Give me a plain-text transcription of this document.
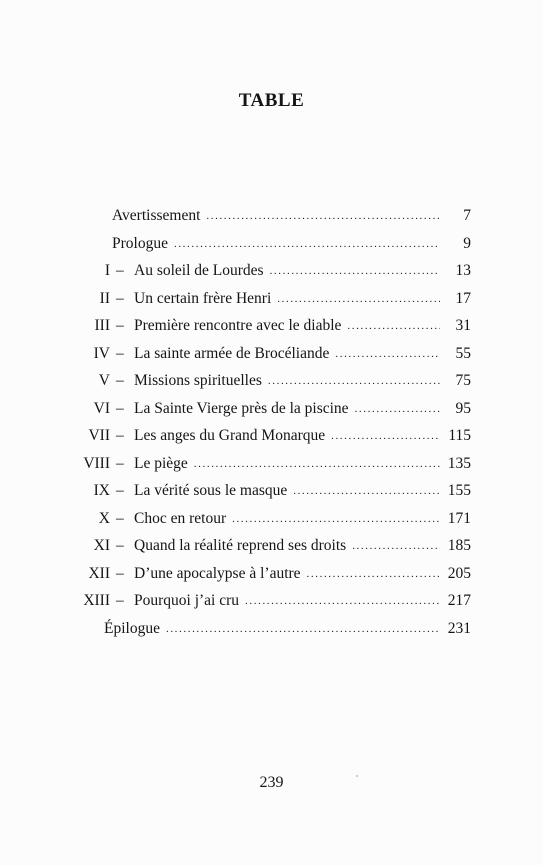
TABLE
Avertissement .....	7
Prologue .....	9
I – Au soleil de Lourdes .....	13
II – Un certain frère Henri .....	17
III – Première rencontre avec le diable .....	31
IV – La sainte armée de Brocéliande .....	55
V – Missions spirituelles .....	75
VI – La Sainte Vierge près de la piscine .....	95
VII – Les anges du Grand Monarque .....	115
VIII – Le piège .....	135
IX – La vérité sous le masque .....	155
X – Choc en retour .....	171
XI – Quand la réalité reprend ses droits .....	185
XII – D’une apocalypse à l’autre .....	205
XIII – Pourquoi j’ai cru .....	217
Épilogue .....	231
239
